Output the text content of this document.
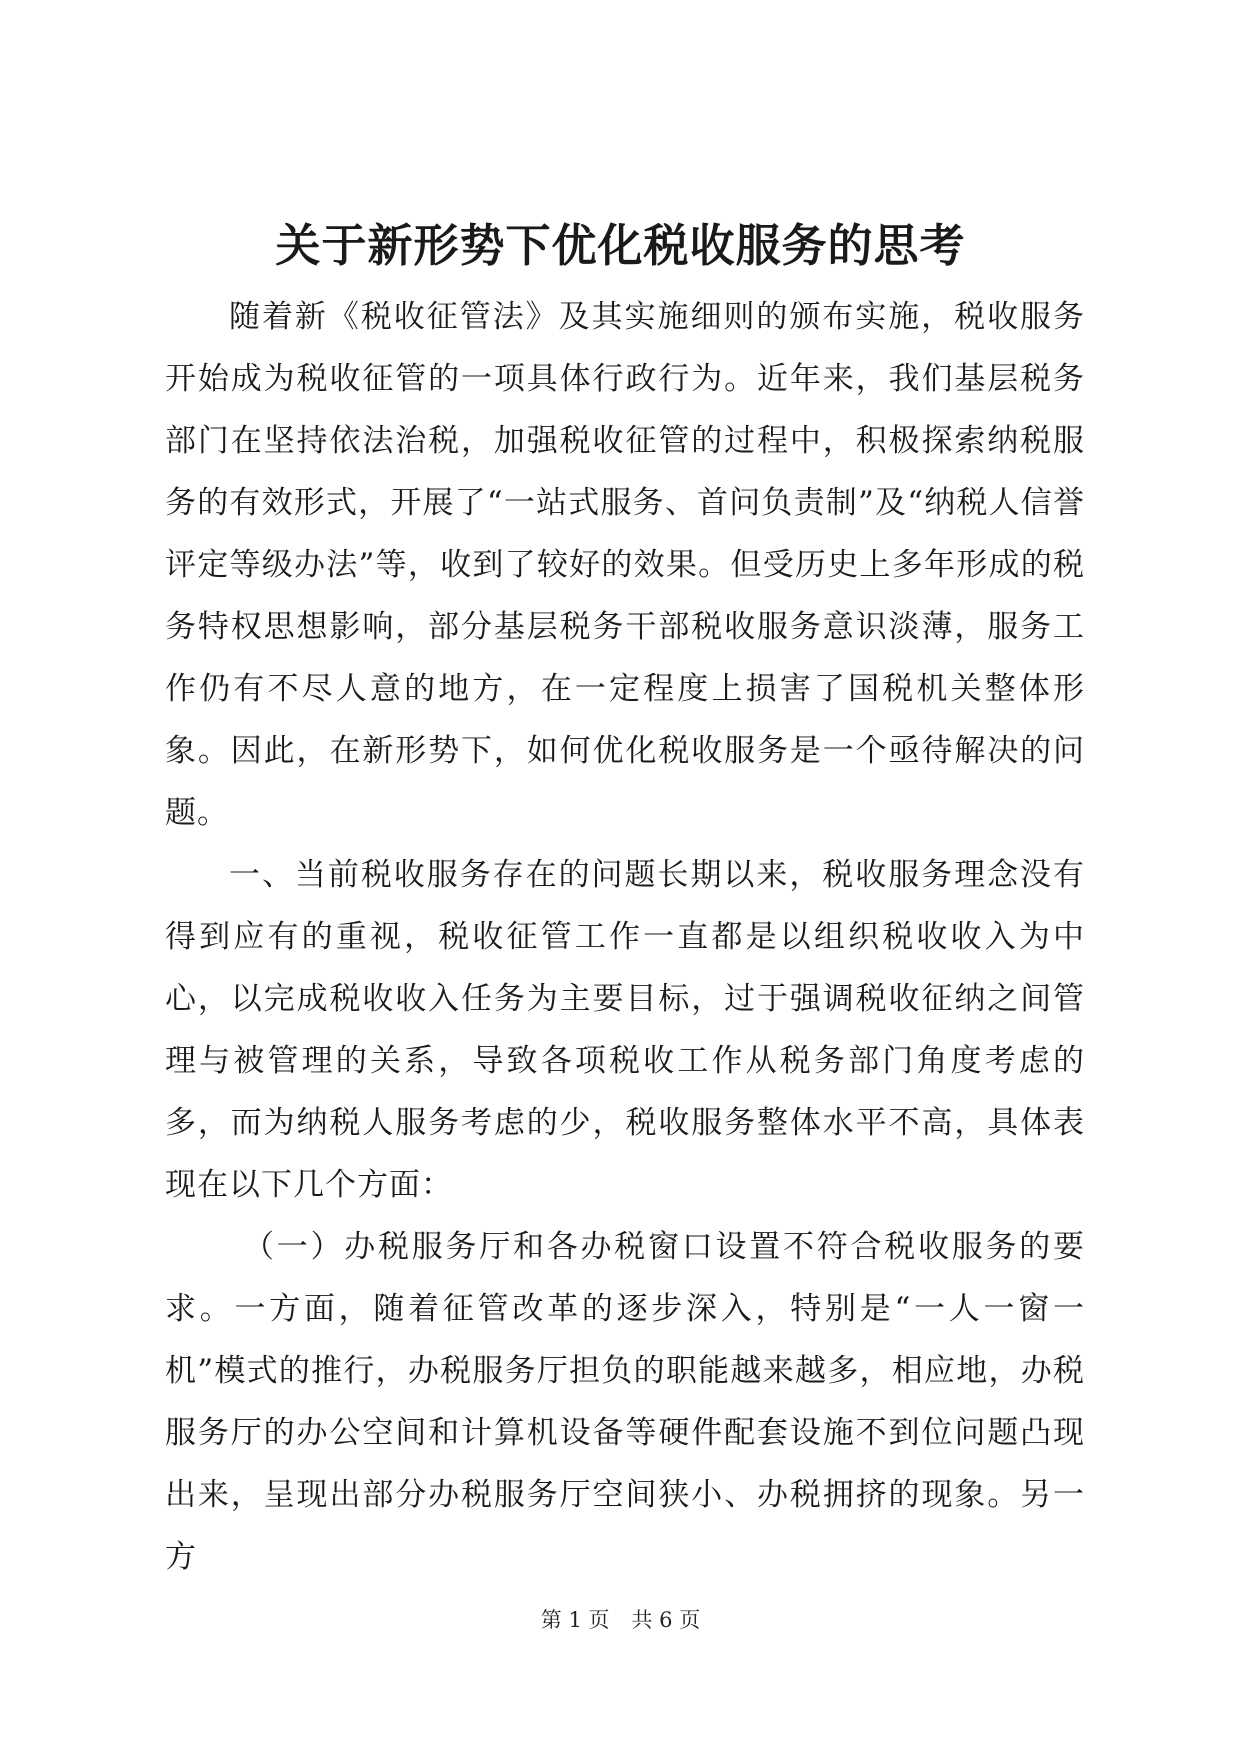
关于新形势下优化税收服务的思考

随着新《税收征管法》及其实施细则的颁布实施，税收服务开始成为税收征管的一项具体行政行为。近年来，我们基层税务部门在坚持依法治税，加强税收征管的过程中，积极探索纳税服务的有效形式，开展了“一站式服务、首问负责制”及“纳税人信誉评定等级办法”等，收到了较好的效果。但受历史上多年形成的税务特权思想影响，部分基层税务干部税收服务意识淡薄，服务工作仍有不尽人意的地方，在一定程度上损害了国税机关整体形象。因此，在新形势下，如何优化税收服务是一个亟待解决的问题。

一、当前税收服务存在的问题长期以来，税收服务理念没有得到应有的重视，税收征管工作一直都是以组织税收收入为中心，以完成税收收入任务为主要目标，过于强调税收征纳之间管理与被管理的关系，导致各项税收工作从税务部门角度考虑的多，而为纳税人服务考虑的少，税收服务整体水平不高，具体表现在以下几个方面：

（一）办税服务厅和各办税窗口设置不符合税收服务的要求。一方面，随着征管改革的逐步深入，特别是“一人一窗一机”模式的推行，办税服务厅担负的职能越来越多，相应地，办税服务厅的办公空间和计算机设备等硬件配套设施不到位问题凸现出来，呈现出部分办税服务厅空间狭小、办税拥挤的现象。另一方

第 1 页 共 6 页
